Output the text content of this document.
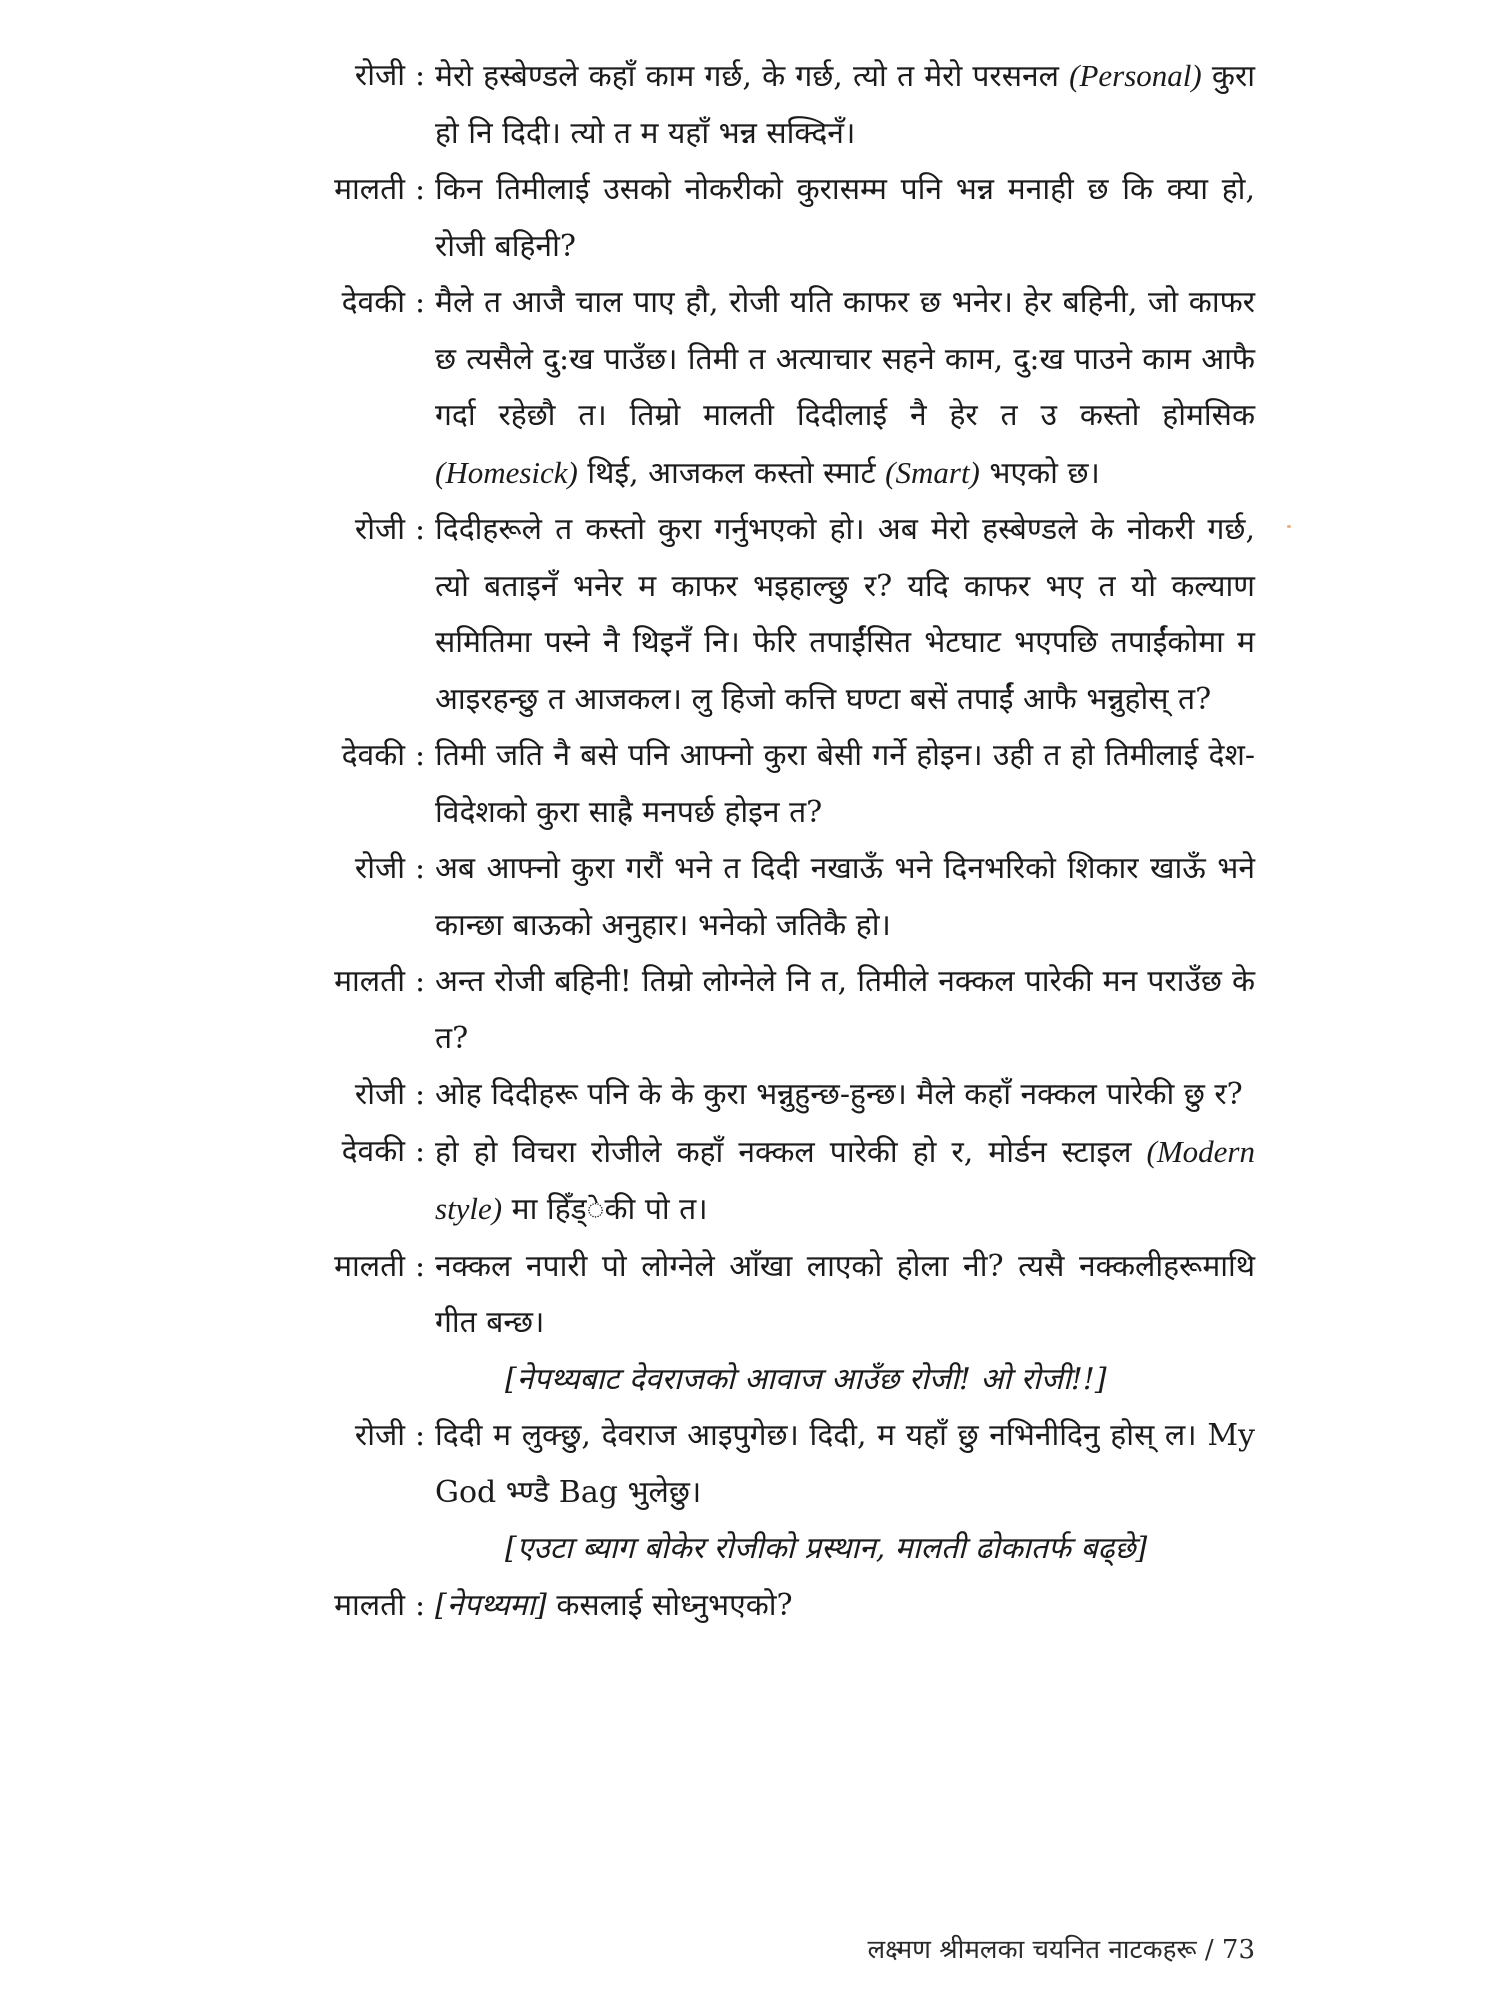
रोजी : मेरो हस्बेण्डले कहाँ काम गर्छ, के गर्छ, त्यो त मेरो परसनल (Personal) कुरा हो नि दिदी। त्यो त म यहाँ भन्न सक्दिनँ।
मालती : किन तिमीलाई उसको नोकरीको कुरासम्म पनि भन्न मनाही छ कि क्या हो, रोजी बहिनी?
देवकी : मैले त आजै चाल पाए हौ, रोजी यति काफर छ भनेर। हेर बहिनी, जो काफर छ त्यसैले दु:ख पाउँछ। तिमी त अत्याचार सहने काम, दु:ख पाउने काम आफै गर्दा रहेछौ त। तिम्रो मालती दिदीलाई नै हेर त उ कस्तो होमसिक (Homesick) थिई, आजकल कस्तो स्मार्ट (Smart) भएको छ।
रोजी : दिदीहरूले त कस्तो कुरा गर्नुभएको हो। अब मेरो हस्बेण्डले के नोकरी गर्छ, त्यो बताइनँ भनेर म काफर भइहाल्छु र? यदि काफर भए त यो कल्याण समितिमा पस्ने नै थिइनँ नि। फेरि तपाईंसित भेटघाट भएपछि तपाईंकोमा म आइरहन्छु त आजकल। लु हिजो कत्ति घण्टा बसें तपाईं आफै भन्नुहोस् त?
देवकी : तिमी जति नै बसे पनि आफ्नो कुरा बेसी गर्ने होइन। उही त हो तिमीलाई देश-विदेशको कुरा साह्रै मनपर्छ होइन त?
रोजी : अब आफ्नो कुरा गरौं भने त दिदी नखाऊँ भने दिनभरिको शिकार खाऊँ भने कान्छा बाऊको अनुहार। भनेको जतिकै हो।
मालती : अन्त रोजी बहिनी! तिम्रो लोग्नेले नि त, तिमीले नक्कल पारेकी मन पराउँछ के त?
रोजी : ओह दिदीहरू पनि के के कुरा भन्नुहुन्छ-हुन्छ। मैले कहाँ नक्कल पारेकी छु र?
देवकी : हो हो विचरा रोजीले कहाँ नक्कल पारेकी हो र, मोर्डन स्टाइल (Modern style) मा हिँड्ेकी पो त।
मालती : नक्कल नपारी पो लोग्नेले आँखा लाएको होला नी? त्यसै नक्कलीहरूमाथि गीत बन्छ।
[नेपथ्यबाट देवराजको आवाज आउँछ रोजी! ओ रोजी!!]
रोजी : दिदी म लुक्छु, देवराज आइपुगेछ। दिदी, म यहाँ छु नभिनीदिनु होस् ल। My God भ्ण्डै Bag भुलेछु।
[एउटा ब्याग बोकेर रोजीको प्रस्थान, मालती ढोकातर्फ बढ्छे]
मालती : [नेपथ्यमा] कसलाई सोध्नुभएको?
लक्ष्मण श्रीमलका चयनित नाटकहरू / 73
